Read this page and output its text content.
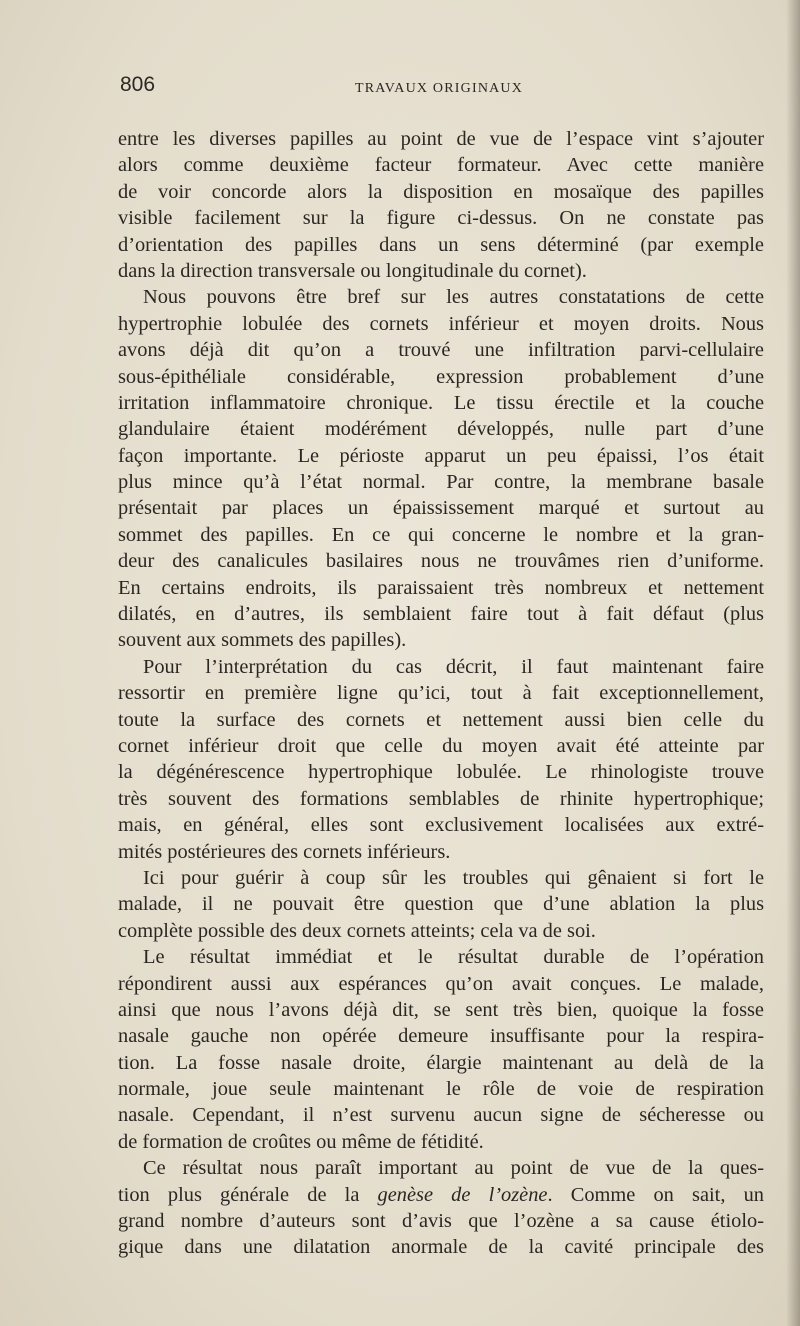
806	TRAVAUX ORIGINAUX
entre les diverses papilles au point de vue de l’espace vint s’ajouter
alors comme deuxième facteur formateur. Avec cette manière
de voir concorde alors la disposition en mosaïque des papilles
visible facilement sur la figure ci-dessus. On ne constate pas
d’orientation des papilles dans un sens déterminé (par exemple
dans la direction transversale ou longitudinale du cornet).
Nous pouvons être bref sur les autres constatations de cette
hypertrophie lobulée des cornets inférieur et moyen droits. Nous
avons déjà dit qu’on a trouvé une infiltration parvi-cellulaire
sous-épithéliale considérable, expression probablement d’une
irritation inflammatoire chronique. Le tissu érectile et la couche
glandulaire étaient modérément développés, nulle part d’une
façon importante. Le périoste apparut un peu épaissi, l’os était
plus mince qu’à l’état normal. Par contre, la membrane basale
présentait par places un épaississement marqué et surtout au
sommet des papilles. En ce qui concerne le nombre et la gran-
deur des canalicules basilaires nous ne trouvâmes rien d’uniforme.
En certains endroits, ils paraissaient très nombreux et nettement
dilatés, en d’autres, ils semblaient faire tout à fait défaut (plus
souvent aux sommets des papilles).
Pour l’interprétation du cas décrit, il faut maintenant faire
ressortir en première ligne qu’ici, tout à fait exceptionnellement,
toute la surface des cornets et nettement aussi bien celle du
cornet inférieur droit que celle du moyen avait été atteinte par
la dégénérescence hypertrophique lobulée. Le rhinologiste trouve
très souvent des formations semblables de rhinite hypertrophique;
mais, en général, elles sont exclusivement localisées aux extré-
mités postérieures des cornets inférieurs.
Ici pour guérir à coup sûr les troubles qui gênaient si fort le
malade, il ne pouvait être question que d’une ablation la plus
complète possible des deux cornets atteints; cela va de soi.
Le résultat immédiat et le résultat durable de l’opération
répondirent aussi aux espérances qu’on avait conçues. Le malade,
ainsi que nous l’avons déjà dit, se sent très bien, quoique la fosse
nasale gauche non opérée demeure insuffisante pour la respira-
tion. La fosse nasale droite, élargie maintenant au delà de la
normale, joue seule maintenant le rôle de voie de respiration
nasale. Cependant, il n’est survenu aucun signe de sécheresse ou
de formation de croûtes ou même de fétidité.
Ce résultat nous paraît important au point de vue de la ques-
tion plus générale de la genèse de l’ozène. Comme on sait, un
grand nombre d’auteurs sont d’avis que l’ozène a sa cause étiolo-
gique dans une dilatation anormale de la cavité principale des
